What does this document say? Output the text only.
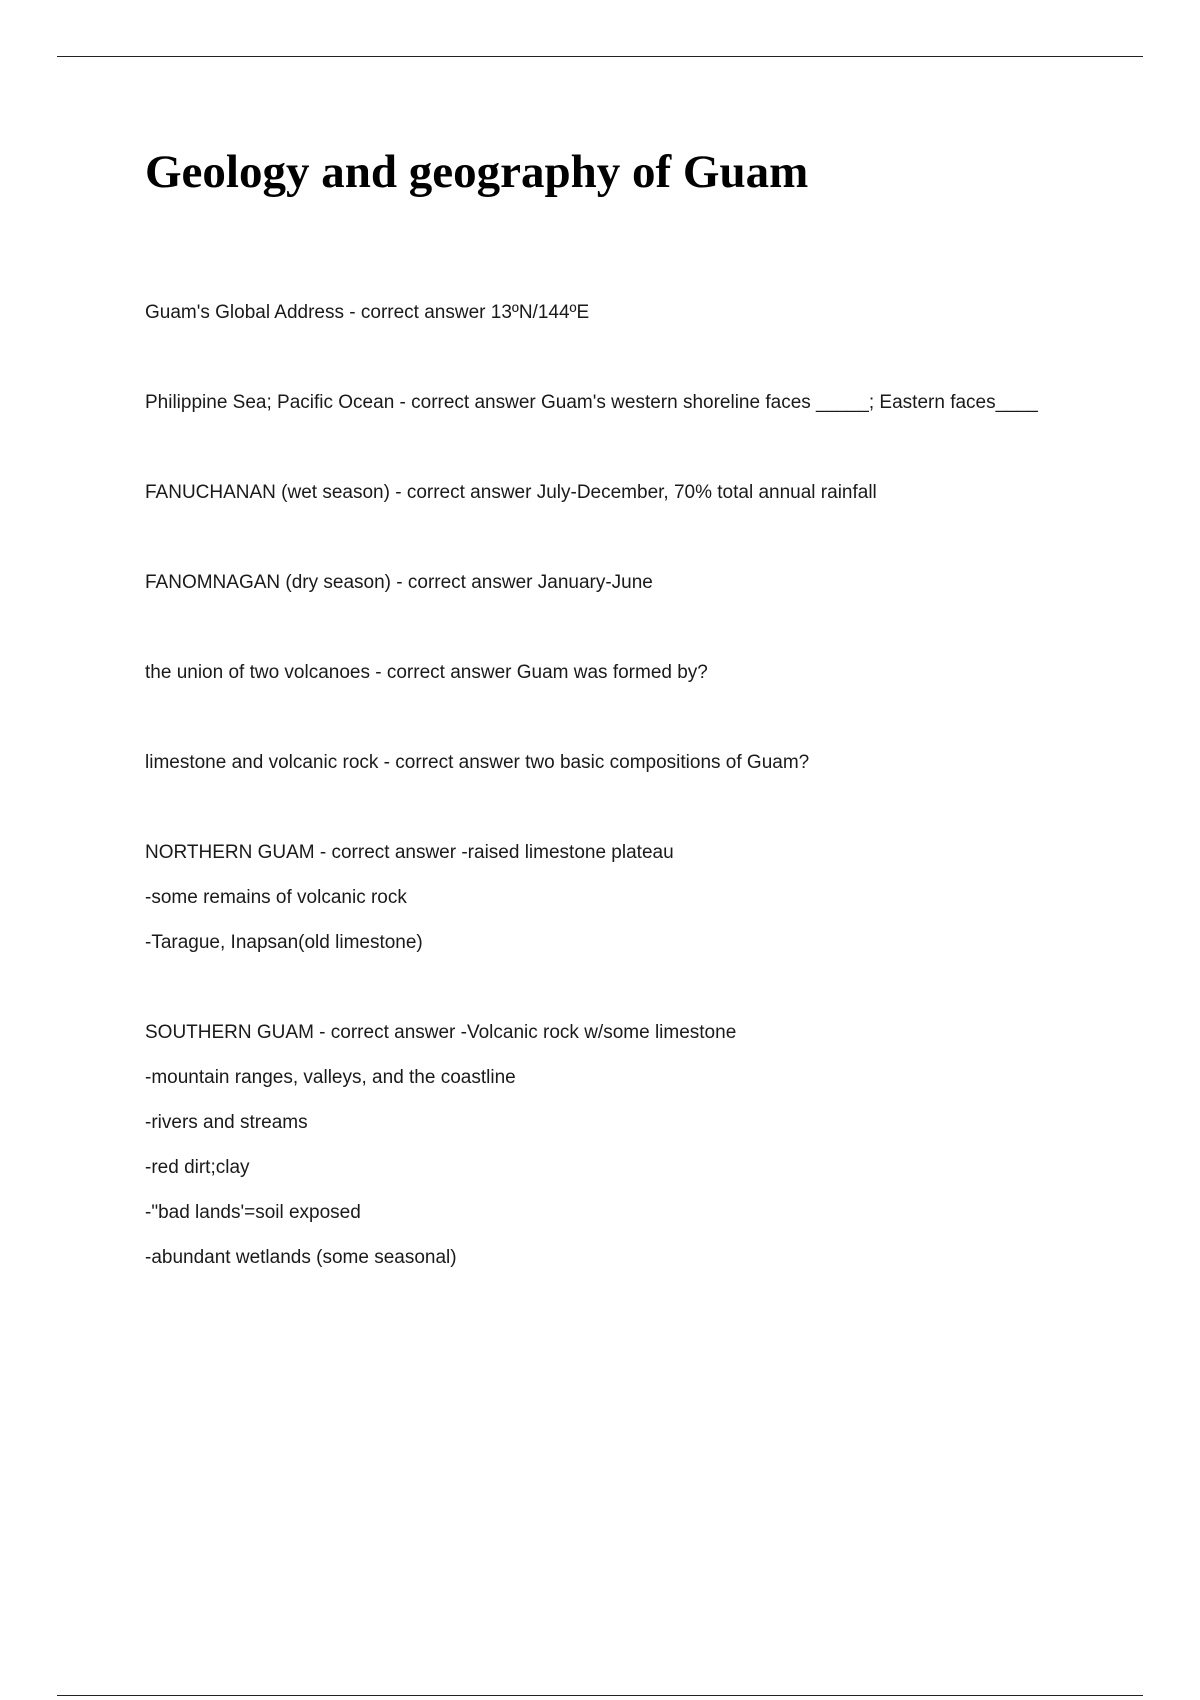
Geology and geography of Guam
Guam's Global Address - correct answer 13ºN/144ºE
Philippine Sea; Pacific Ocean - correct answer Guam's western shoreline faces _____; Eastern faces____
FANUCHANAN (wet season) - correct answer July-December, 70% total annual rainfall
FANOMNAGAN (dry season) - correct answer January-June
the union of two volcanoes - correct answer Guam was formed by?
limestone and volcanic rock - correct answer two basic compositions of Guam?
NORTHERN GUAM - correct answer -raised limestone plateau
-some remains of volcanic rock
-Tarague, Inapsan(old limestone)
SOUTHERN GUAM - correct answer -Volcanic rock w/some limestone
-mountain ranges, valleys, and the coastline
-rivers and streams
-red dirt;clay
-"bad lands'=soil exposed
-abundant wetlands (some seasonal)
